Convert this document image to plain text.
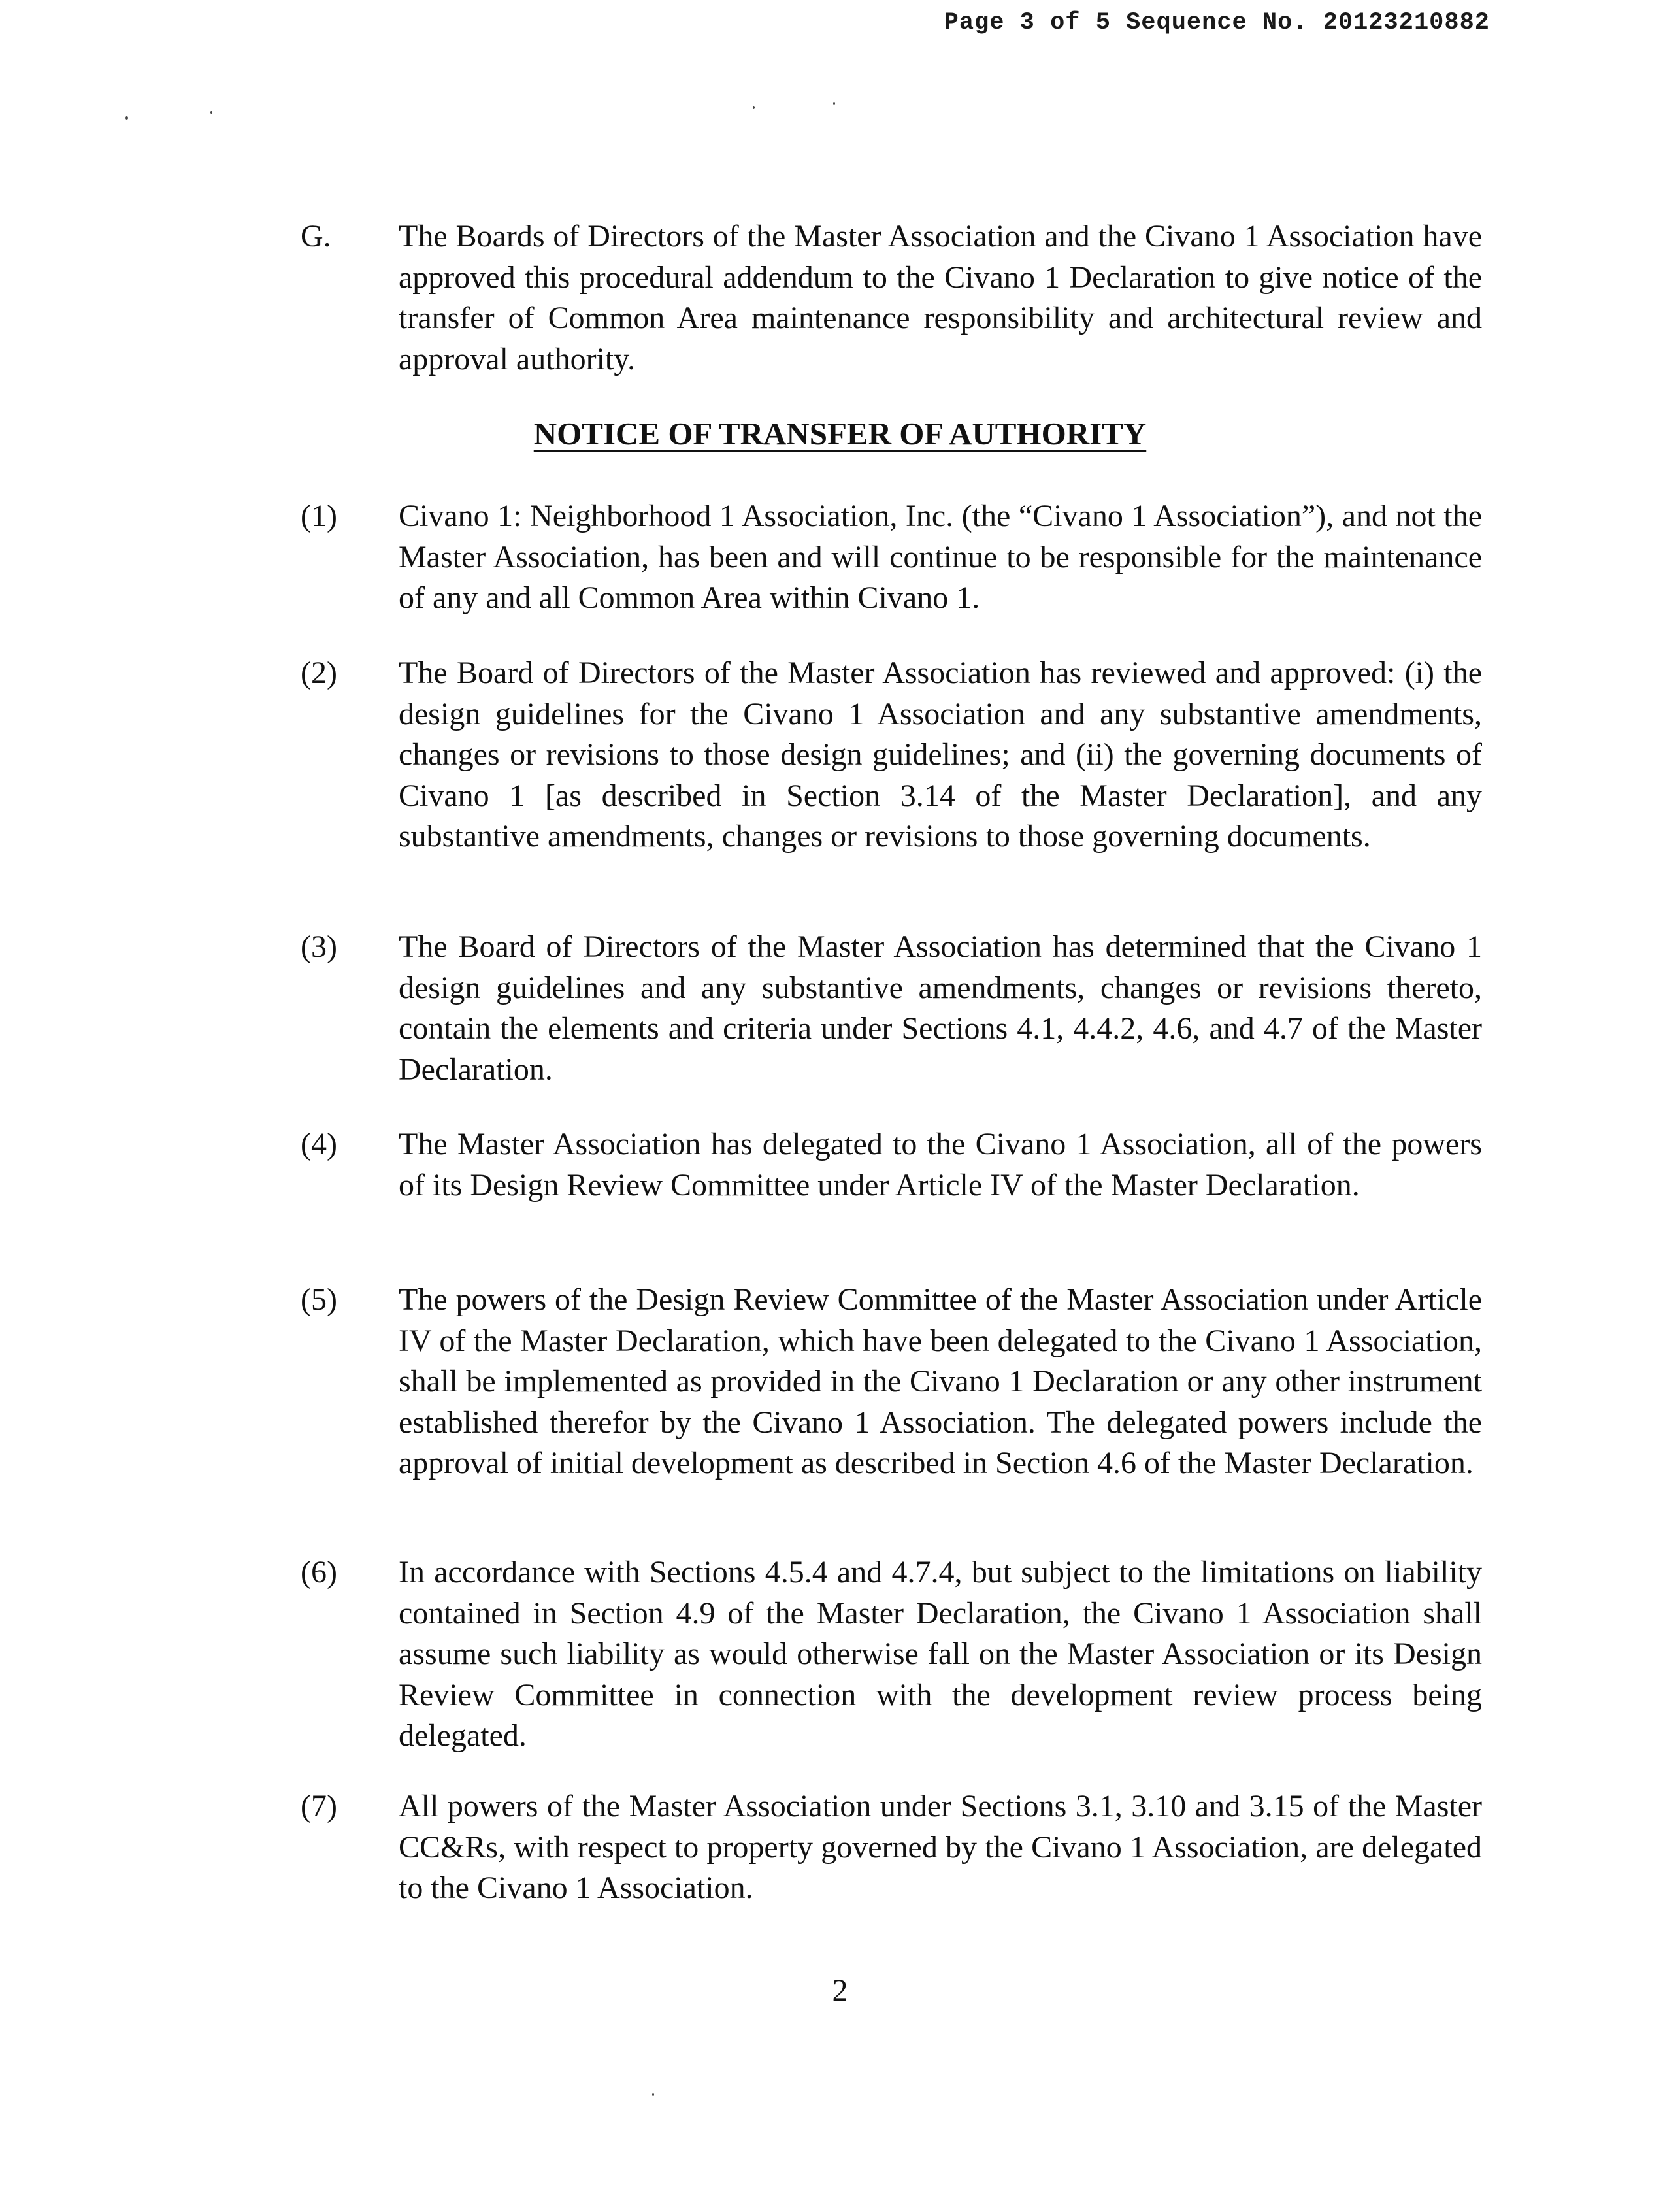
Page 3 of 5 Sequence No. 20123210882

G. The Boards of Directors of the Master Association and the Civano 1 Association have approved this procedural addendum to the Civano 1 Declaration to give notice of the transfer of Common Area maintenance responsibility and architectural review and approval authority.

NOTICE OF TRANSFER OF AUTHORITY

(1) Civano 1: Neighborhood 1 Association, Inc. (the “Civano 1 Association”), and not the Master Association, has been and will continue to be responsible for the maintenance of any and all Common Area within Civano 1.

(2) The Board of Directors of the Master Association has reviewed and approved: (i) the design guidelines for the Civano 1 Association and any substantive amendments, changes or revisions to those design guidelines; and (ii) the governing documents of Civano 1 [as described in Section 3.14 of the Master Declaration], and any substantive amendments, changes or revisions to those governing documents.

(3) The Board of Directors of the Master Association has determined that the Civano 1 design guidelines and any substantive amendments, changes or revisions thereto, contain the elements and criteria under Sections 4.1, 4.4.2, 4.6, and 4.7 of the Master Declaration.

(4) The Master Association has delegated to the Civano 1 Association, all of the powers of its Design Review Committee under Article IV of the Master Declaration.

(5) The powers of the Design Review Committee of the Master Association under Article IV of the Master Declaration, which have been delegated to the Civano 1 Association, shall be implemented as provided in the Civano 1 Declaration or any other instrument established therefor by the Civano 1 Association. The delegated powers include the approval of initial development as described in Section 4.6 of the Master Declaration.

(6) In accordance with Sections 4.5.4 and 4.7.4, but subject to the limitations on liability contained in Section 4.9 of the Master Declaration, the Civano 1 Association shall assume such liability as would otherwise fall on the Master Association or its Design Review Committee in connection with the development review process being delegated.

(7) All powers of the Master Association under Sections 3.1, 3.10 and 3.15 of the Master CC&Rs, with respect to property governed by the Civano 1 Association, are delegated to the Civano 1 Association.

2
